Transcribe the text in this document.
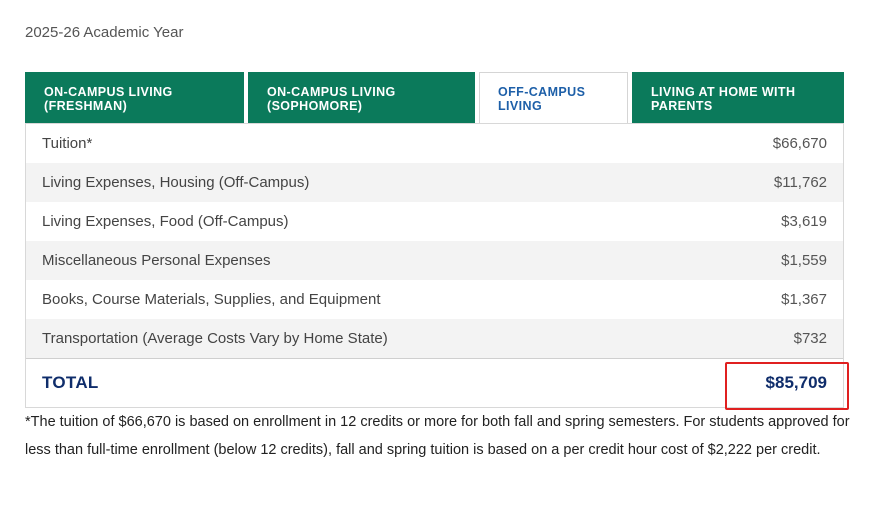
2025-26 Academic Year
ON-CAMPUS LIVING (FRESHMAN)
ON-CAMPUS LIVING (SOPHOMORE)
OFF-CAMPUS LIVING
LIVING AT HOME WITH PARENTS
Tuition*	$66,670
Living Expenses, Housing (Off-Campus)	$11,762
Living Expenses, Food (Off-Campus)	$3,619
Miscellaneous Personal Expenses	$1,559
Books, Course Materials, Supplies, and Equipment	$1,367
Transportation (Average Costs Vary by Home State)	$732
TOTAL	$85,709
*The tuition of $66,670 is based on enrollment in 12 credits or more for both fall and spring semesters. For students approved for less than full-time enrollment (below 12 credits), fall and spring tuition is based on a per credit hour cost of $2,222 per credit.
